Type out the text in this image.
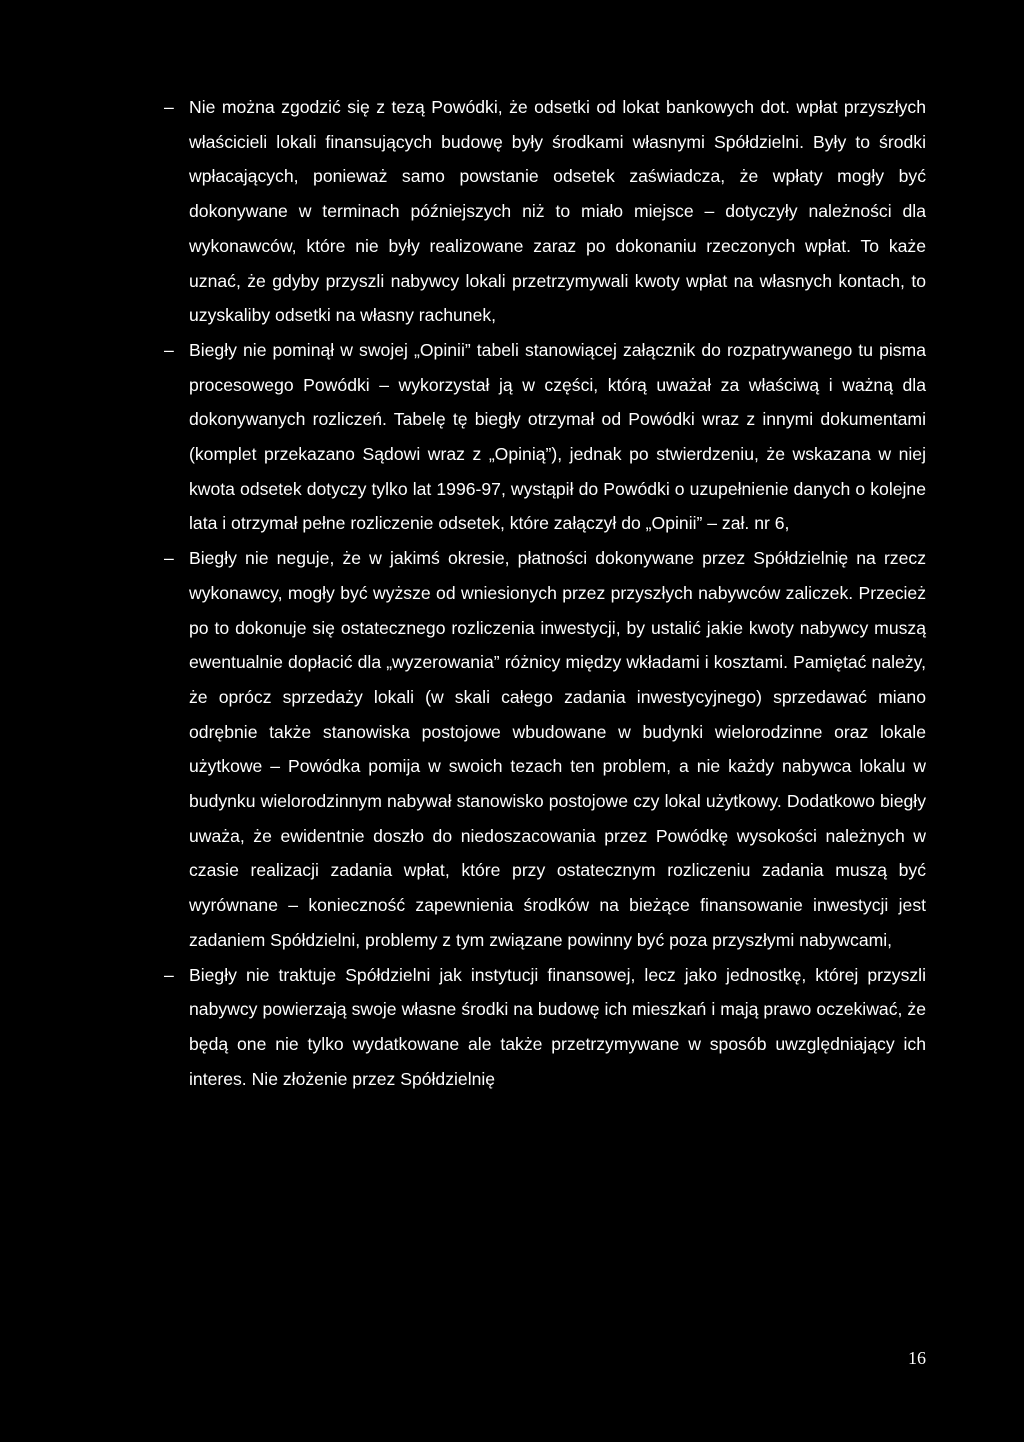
– Nie można zgodzić się z tezą Powódki, że odsetki od lokat bankowych dot. wpłat przyszłych właścicieli lokali finansujących budowę były środkami własnymi Spółdzielni. Były to środki wpłacających, ponieważ samo powstanie odsetek zaświadcza, że wpłaty mogły być dokonywane w terminach późniejszych niż to miało miejsce – dotyczyły należności dla wykonawców, które nie były realizowane zaraz po dokonaniu rzeczonych wpłat. To każe uznać, że gdyby przyszli nabywcy lokali przetrzymywali kwoty wpłat na własnych kontach, to uzyskaliby odsetki na własny rachunek,

– Biegły nie pominął w swojej „Opinii” tabeli stanowiącej załącznik do rozpatrywanego tu pisma procesowego Powódki – wykorzystał ją w części, którą uważał za właściwą i ważną dla dokonywanych rozliczeń. Tabelę tę biegły otrzymał od Powódki wraz z innymi dokumentami (komplet przekazano Sądowi wraz z „Opinią”), jednak po stwierdzeniu, że wskazana w niej kwota odsetek dotyczy tylko lat 1996-97, wystąpił do Powódki o uzupełnienie danych o kolejne lata i otrzymał pełne rozliczenie odsetek, które załączył do „Opinii” – zał. nr 6,

– Biegły nie neguje, że w jakimś okresie, płatności dokonywane przez Spółdzielnię na rzecz wykonawcy, mogły być wyższe od wniesionych przez przyszłych nabywców zaliczek. Przecież po to dokonuje się ostatecznego rozliczenia inwestycji, by ustalić jakie kwoty nabywcy muszą ewentualnie dopłacić dla „wyzerowania” różnicy między wkładami i kosztami. Pamiętać należy, że oprócz sprzedaży lokali (w skali całego zadania inwestycyjnego) sprzedawać miano odrębnie także stanowiska postojowe wbudowane w budynki wielorodzinne oraz lokale użytkowe – Powódka pomija w swoich tezach ten problem, a nie każdy nabywca lokalu w budynku wielorodzinnym nabywał stanowisko postojowe czy lokal użytkowy. Dodatkowo biegły uważa, że ewidentnie doszło do niedoszacowania przez Powódkę wysokości należnych w czasie realizacji zadania wpłat, które przy ostatecznym rozliczeniu zadania muszą być wyrównane – konieczność zapewnienia środków na bieżące finansowanie inwestycji jest zadaniem Spółdzielni, problemy z tym związane powinny być poza przyszłymi nabywcami,

– Biegły nie traktuje Spółdzielni jak instytucji finansowej, lecz jako jednostkę, której przyszli nabywcy powierzają swoje własne środki na budowę ich mieszkań i mają prawo oczekiwać, że będą one nie tylko wydatkowane ale także przetrzymywane w sposób uwzględniający ich interes. Nie złożenie przez Spółdzielnię

16
